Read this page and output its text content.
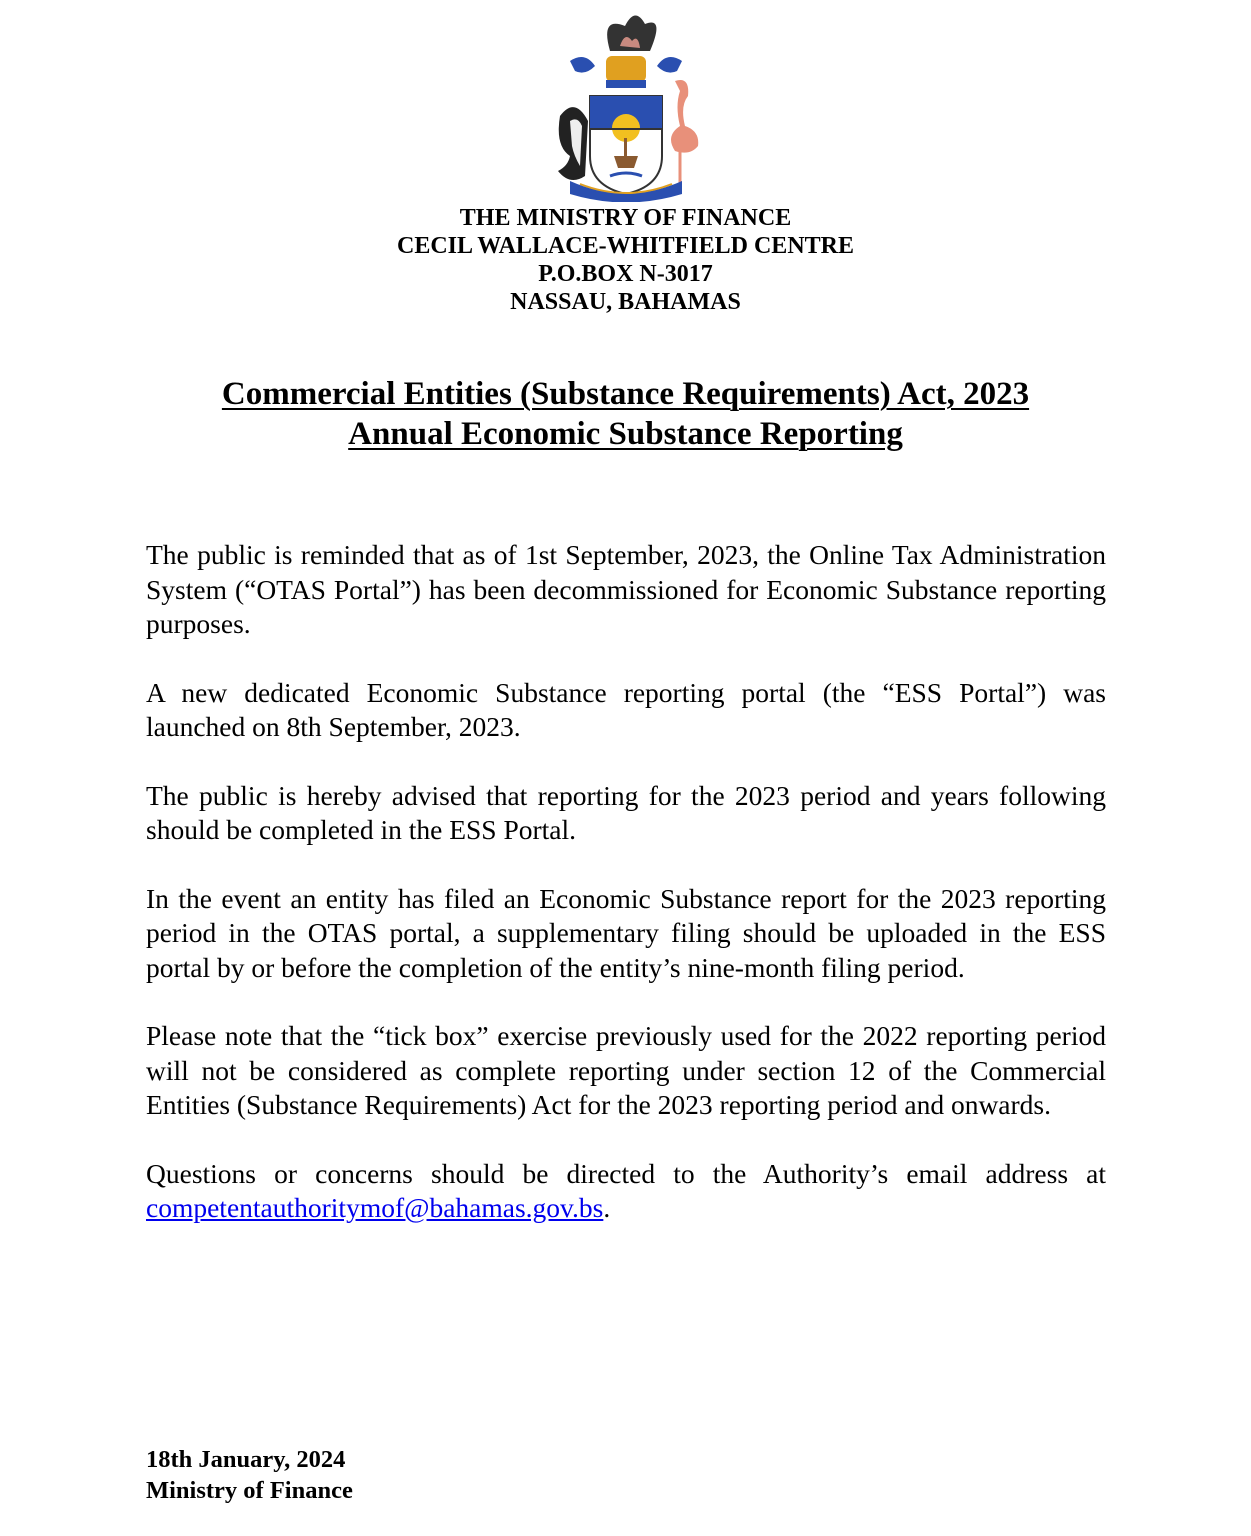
THE MINISTRY OF FINANCE
CECIL WALLACE-WHITFIELD CENTRE
P.O.BOX N-3017
NASSAU, BAHAMAS
Commercial Entities (Substance Requirements) Act, 2023
Annual Economic Substance Reporting

The public is reminded that as of 1st September, 2023, the Online Tax Administration System (“OTAS Portal”) has been decommissioned for Economic Substance reporting purposes.

A new dedicated Economic Substance reporting portal (the “ESS Portal”) was launched on 8th September, 2023.

The public is hereby advised that reporting for the 2023 period and years following should be completed in the ESS Portal.

In the event an entity has filed an Economic Substance report for the 2023 reporting period in the OTAS portal, a supplementary filing should be uploaded in the ESS portal by or before the completion of the entity’s nine-month filing period.

Please note that the “tick box” exercise previously used for the 2022 reporting period will not be considered as complete reporting under section 12 of the Commercial Entities (Substance Requirements) Act for the 2023 reporting period and onwards.

Questions or concerns should be directed to the Authority’s email address at competentauthoritymof@bahamas.gov.bs.

18th January, 2024
Ministry of Finance
